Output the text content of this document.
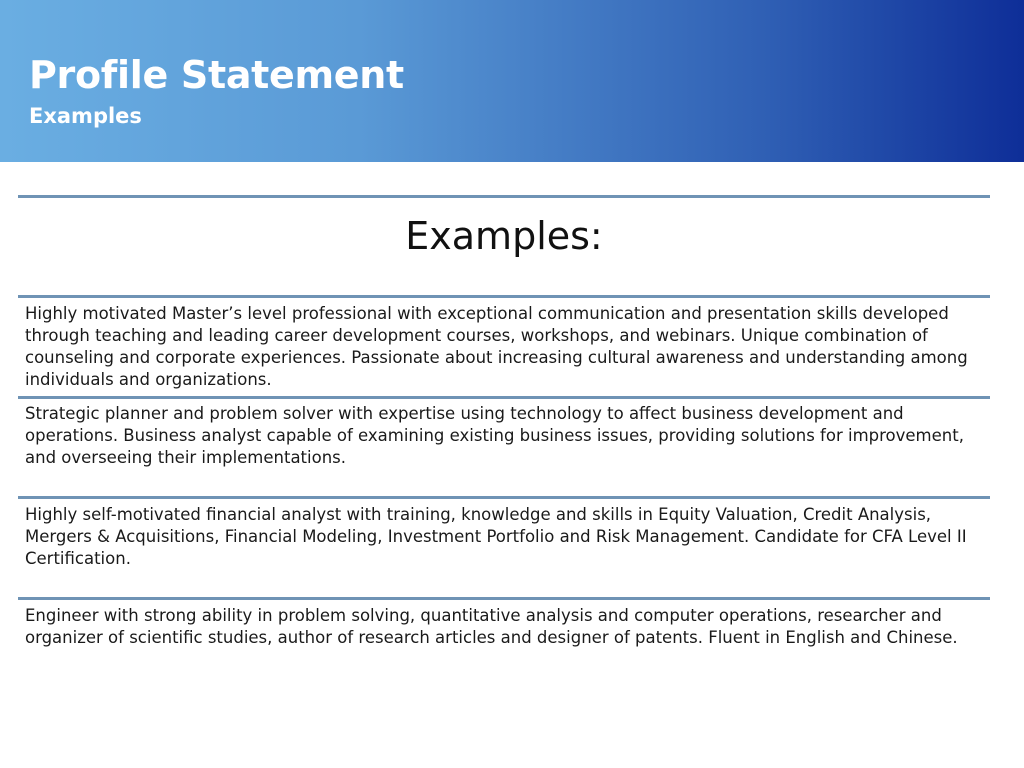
Profile Statement
Examples
Examples:
Highly motivated Master’s level professional with exceptional communication and presentation skills developed through teaching and leading career development courses, workshops, and webinars. Unique combination of counseling and corporate experiences. Passionate about increasing cultural awareness and understanding among individuals and organizations.
Strategic planner and problem solver with expertise using technology to affect business development and operations. Business analyst capable of examining existing business issues, providing solutions for improvement, and overseeing their implementations.
Highly self-motivated financial analyst with training, knowledge and skills in Equity Valuation, Credit Analysis, Mergers & Acquisitions, Financial Modeling, Investment Portfolio and Risk Management. Candidate for CFA Level II Certification.
Engineer with strong ability in problem solving, quantitative analysis and computer operations, researcher and organizer of scientific studies, author of research articles and designer of patents. Fluent in English and Chinese.
